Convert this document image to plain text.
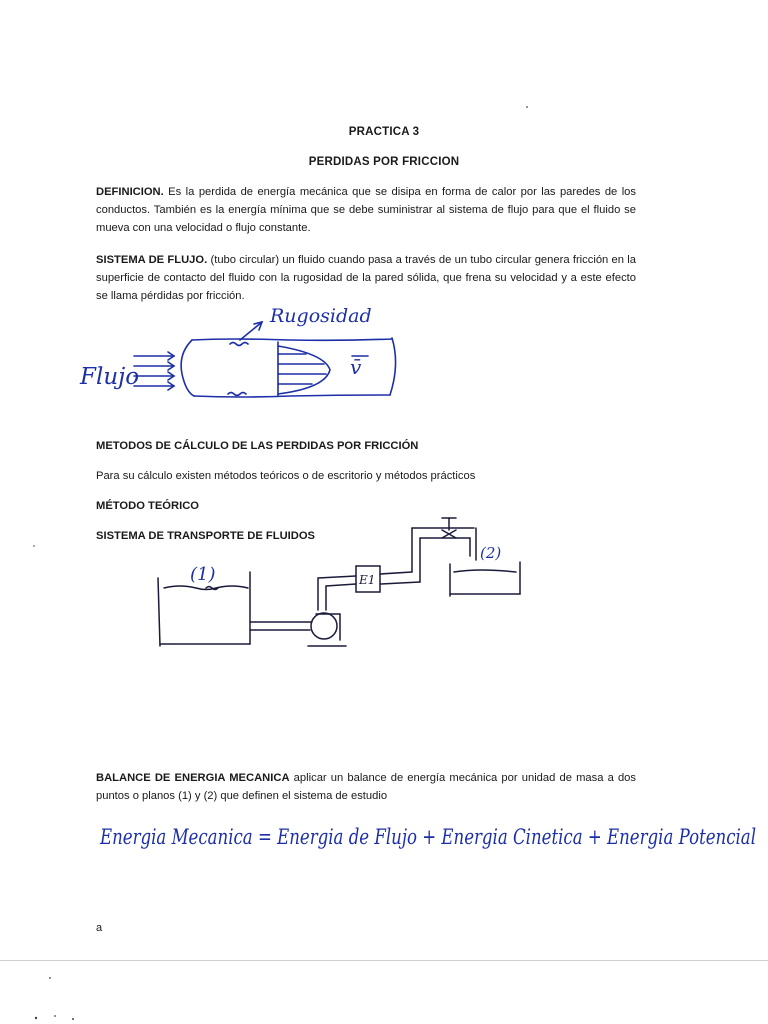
PRACTICA 3
PERDIDAS POR FRICCION
DEFINICION. Es la perdida de energía mecánica que se disipa en forma de calor por las paredes de los conductos. También es la energía mínima que se debe suministrar al sistema de flujo para que el fluido se mueva con una velocidad o flujo constante.
SISTEMA DE FLUJO. (tubo circular) un fluido cuando pasa a través de un tubo circular genera fricción en la superficie de contacto del fluido con la rugosidad de la pared sólida, que frena su velocidad y a este efecto se llama pérdidas por fricción.
Rugosidad
Flujo	v̄
METODOS DE CÁLCULO DE LAS PERDIDAS POR FRICCIÓN
Para su cálculo existen métodos teóricos o de escritorio y métodos prácticos
MÉTODO TEÓRICO
SISTEMA DE TRANSPORTE DE FLUIDOS
(1)
(2)
E1
BALANCE DE ENERGIA MECANICA aplicar un balance de energía mecánica por unidad de masa a dos puntos o planos (1) y (2) que definen el sistema de estudio
Energia Mecanica = Energia de Flujo + Energia Cinetica + Energia Potencial
a
